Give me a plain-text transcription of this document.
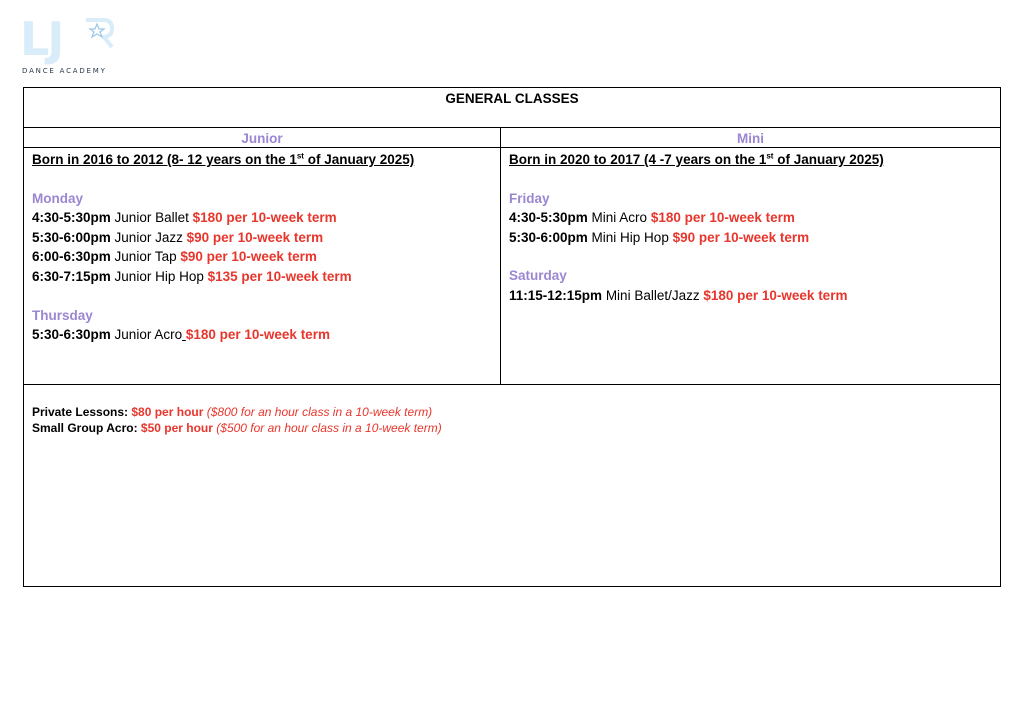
LJ
DANCE ACADEMY
GENERAL CLASSES
Junior
Born in 2016 to 2012 (8- 12 years on the 1st of January 2025)
Monday
4:30-5:30pm Junior Ballet $180 per 10-week term
5:30-6:00pm Junior Jazz $90 per 10-week term
6:00-6:30pm Junior Tap $90 per 10-week term
6:30-7:15pm Junior Hip Hop $135 per 10-week term
Thursday
5:30-6:30pm Junior Acro $180 per 10-week term
Mini
Born in 2020 to 2017 (4 -7 years on the 1st of January 2025)
Friday
4:30-5:30pm Mini Acro $180 per 10-week term
5:30-6:00pm Mini Hip Hop $90 per 10-week term
Saturday
11:15-12:15pm Mini Ballet/Jazz $180 per 10-week term
Private Lessons: $80 per hour ($800 for an hour class in a 10-week term)
Small Group Acro: $50 per hour ($500 for an hour class in a 10-week term)
